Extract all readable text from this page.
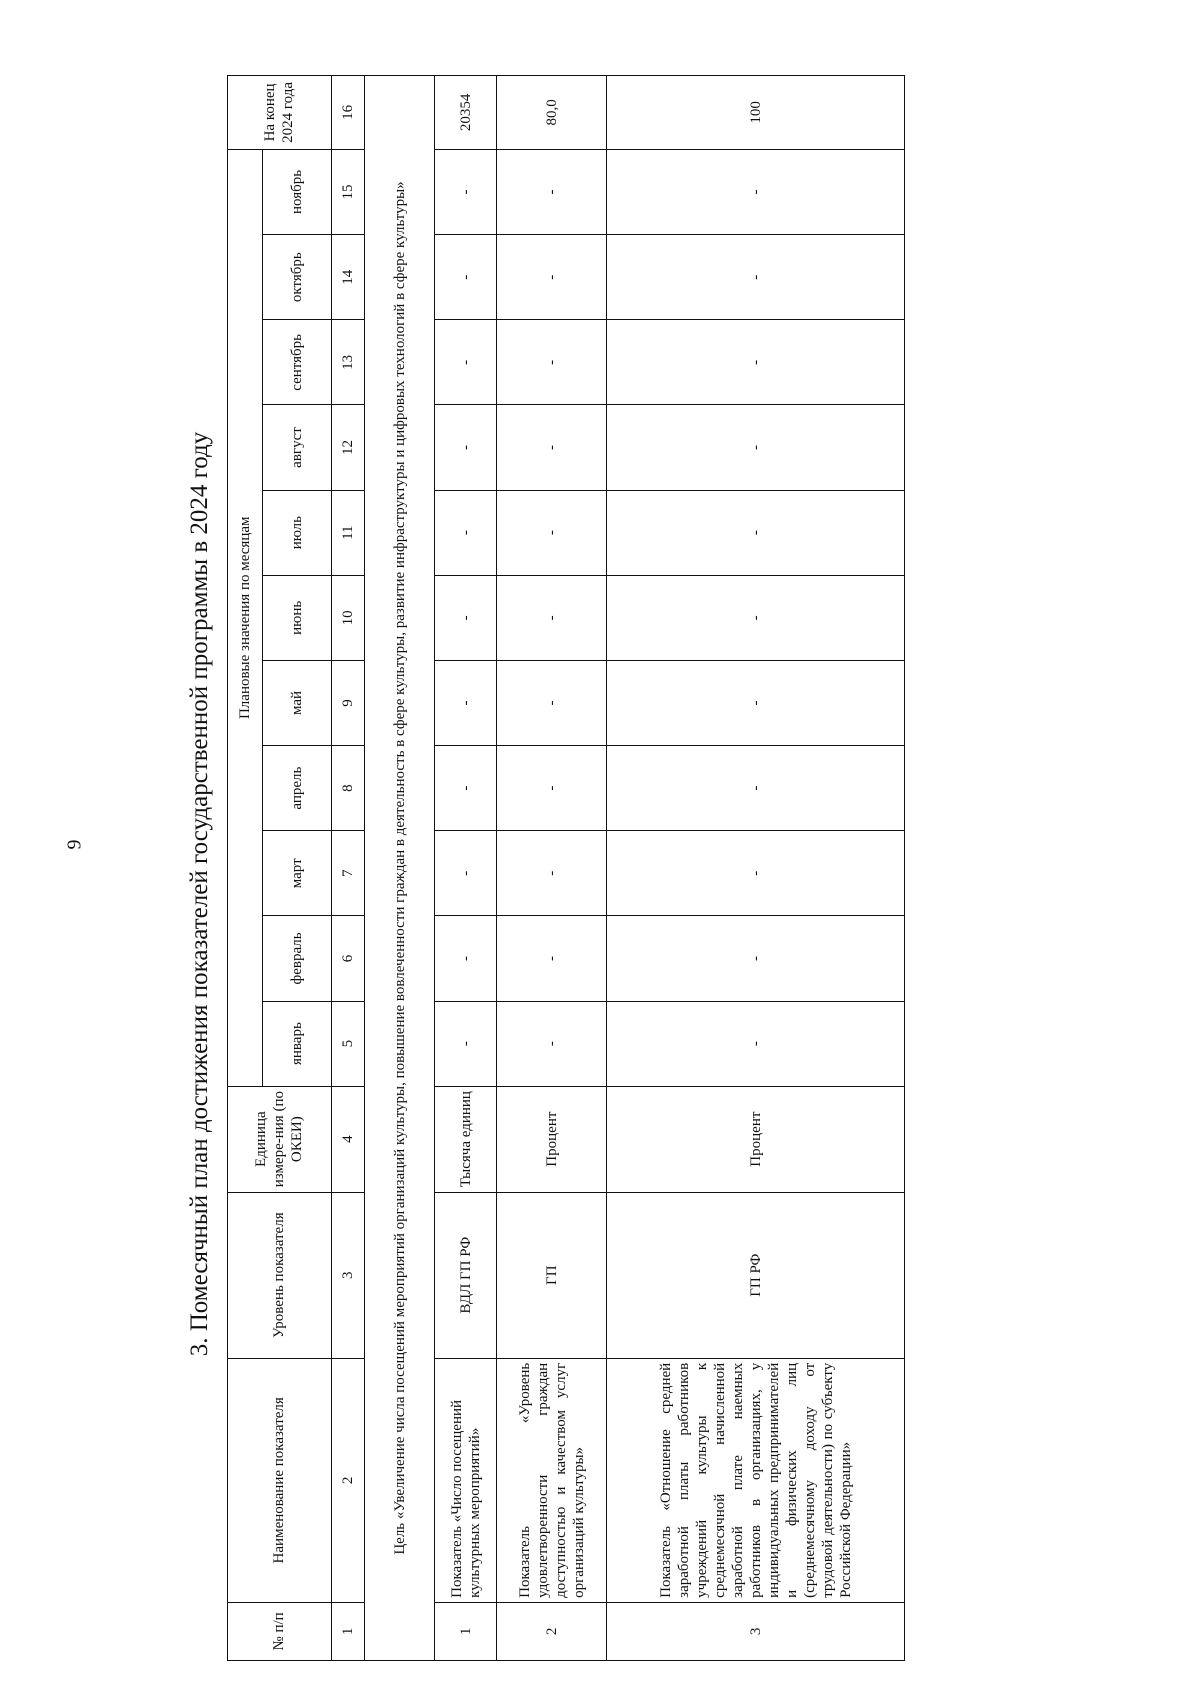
9	3. Помесячный план достижения показателей государственной программы в 2024 году
№ п/п	Наименование показателя	Уровень показателя	Единица измере-ния (по ОКЕИ)	Плановые значения по месяцам											На конец 2024 года
				январь	февраль	март	апрель	май	июнь	июль	август	сентябрь	октябрь	ноябрь	
1	2	3	4	5	6	7	8	9	10	11	12	13	14	15	16
Цель «Увеличение числа посещений мероприятий организаций культуры, повышение вовлеченности граждан в деятельность в сфере культуры, развитие инфраструктуры и цифровых технологий в сфере культуры»															
1	Показатель «Число посещений культурных мероприятий»	ВДЛ ГП РФ	Тысяча единиц	-	-	-	-	-	-	-	-	-	-	-	20354
2	Показатель «Уровень удовлетворенности граждан доступностью и качеством услуг организаций культуры»	ГП	Процент	-	-	-	-	-	-	-	-	-	-	-	80,0
3	Показатель «Отношение средней заработной платы работников учреждений культуры к среднемесячной начисленной заработной плате наемных работников в организациях, у индивидуальных предпринимателей и физических лиц (среднемесячному доходу от трудовой деятельности) по субъекту Российской Федерации»	ГП РФ	Процент	-	-	-	-	-	-	-	-	-	-	-	100
